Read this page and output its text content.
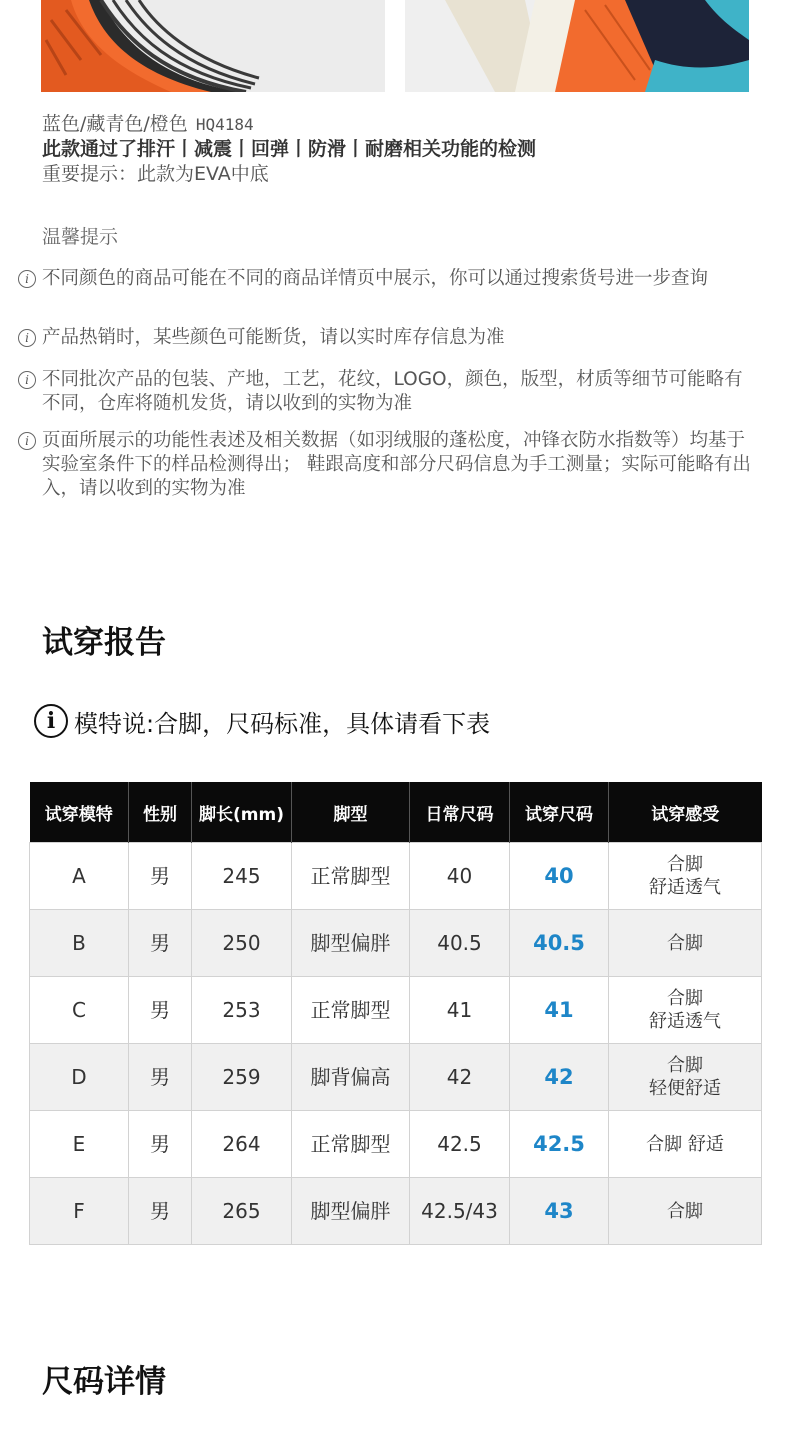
蓝色/藏青色/橙色 HQ4184
此款通过了排汗丨减震丨回弹丨防滑丨耐磨相关功能的检测
重要提示：此款为EVA中底
温馨提示
i 不同颜色的商品可能在不同的商品详情页中展示，你可以通过搜索货号进一步查询
i 产品热销时，某些颜色可能断货，请以实时库存信息为准
i 不同批次产品的包装、产地，工艺，花纹，LOGO，颜色，版型，材质等细节可能略有不同，仓库将随机发货，请以收到的实物为准
i 页面所展示的功能性表述及相关数据（如羽绒服的蓬松度，冲锋衣防水指数等）均基于实验室条件下的样品检测得出； 鞋跟高度和部分尺码信息为手工测量；实际可能略有出入，请以收到的实物为准
试穿报告
i 模特说:合脚，尺码标准，具体请看下表
试穿模特	性别	脚长(mm)	脚型	日常尺码	试穿尺码	试穿感受
A	男	245	正常脚型	40	40	合脚
舒适透气
B	男	250	脚型偏胖	40.5	40.5	合脚
C	男	253	正常脚型	41	41	合脚
舒适透气
D	男	259	脚背偏高	42	42	合脚
轻便舒适
E	男	264	正常脚型	42.5	42.5	合脚 舒适
F	男	265	脚型偏胖	42.5/43	43	合脚
尺码详情
